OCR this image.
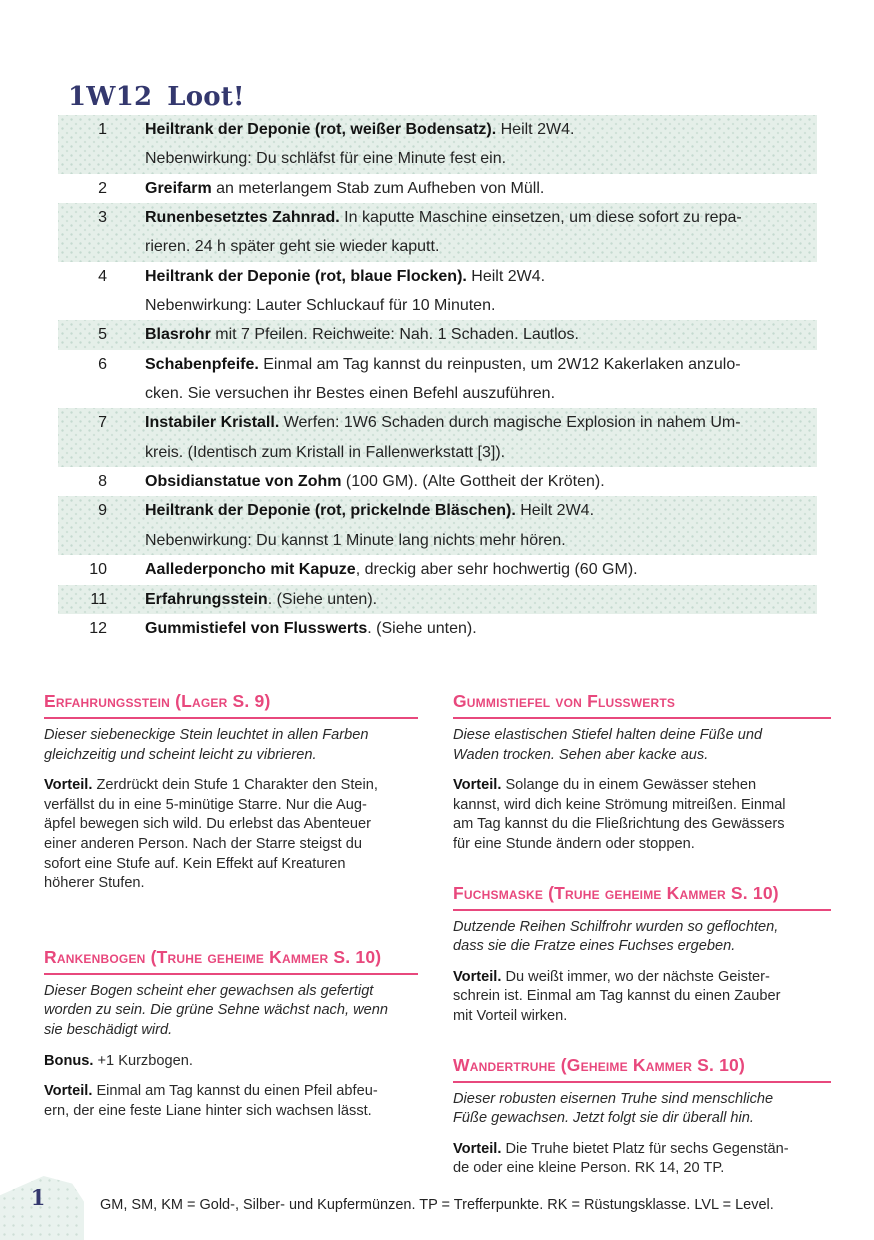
1W12 Loot!
1 Heiltrank der Deponie (rot, weißer Bodensatz). Heilt 2W4.
Nebenwirkung: Du schläfst für eine Minute fest ein.
2 Greifarm an meterlangem Stab zum Aufheben von Müll.
3 Runenbesetztes Zahnrad. In kaputte Maschine einsetzen, um diese sofort zu repa-
rieren. 24 h später geht sie wieder kaputt.
4 Heiltrank der Deponie (rot, blaue Flocken). Heilt 2W4.
Nebenwirkung: Lauter Schluckauf für 10 Minuten.
5 Blasrohr mit 7 Pfeilen. Reichweite: Nah. 1 Schaden. Lautlos.
6 Schabenpfeife. Einmal am Tag kannst du reinpusten, um 2W12 Kakerlaken anzulo-
cken. Sie versuchen ihr Bestes einen Befehl auszuführen.
7 Instabiler Kristall. Werfen: 1W6 Schaden durch magische Explosion in nahem Um-
kreis. (Identisch zum Kristall in Fallenwerkstatt [3]).
8 Obsidianstatue von Zohm (100 GM). (Alte Gottheit der Kröten).
9 Heiltrank der Deponie (rot, prickelnde Bläschen). Heilt 2W4.
Nebenwirkung: Du kannst 1 Minute lang nichts mehr hören.
10 Aallederponcho mit Kapuze, dreckig aber sehr hochwertig (60 GM).
11 Erfahrungsstein. (Siehe unten).
12 Gummistiefel von Flusswerts. (Siehe unten).
Erfahrungsstein (Lager S. 9)
Dieser siebeneckige Stein leuchtet in allen Farben
gleichzeitig und scheint leicht zu vibrieren.
Vorteil. Zerdrückt dein Stufe 1 Charakter den Stein,
verfällst du in eine 5-minütige Starre. Nur die Aug-
äpfel bewegen sich wild. Du erlebst das Abenteuer
einer anderen Person. Nach der Starre steigst du
sofort eine Stufe auf. Kein Effekt auf Kreaturen
höherer Stufen.
Rankenbogen (Truhe geheime Kammer S. 10)
Dieser Bogen scheint eher gewachsen als gefertigt
worden zu sein. Die grüne Sehne wächst nach, wenn
sie beschädigt wird.
Bonus. +1 Kurzbogen.
Vorteil. Einmal am Tag kannst du einen Pfeil abfeu-
ern, der eine feste Liane hinter sich wachsen lässt.
Gummistiefel von Flusswerts
Diese elastischen Stiefel halten deine Füße und
Waden trocken. Sehen aber kacke aus.
Vorteil. Solange du in einem Gewässer stehen
kannst, wird dich keine Strömung mitreißen. Einmal
am Tag kannst du die Fließrichtung des Gewässers
für eine Stunde ändern oder stoppen.
Fuchsmaske (Truhe geheime Kammer S. 10)
Dutzende Reihen Schilfrohr wurden so geflochten,
dass sie die Fratze eines Fuchses ergeben.
Vorteil. Du weißt immer, wo der nächste Geister-
schrein ist. Einmal am Tag kannst du einen Zauber
mit Vorteil wirken.
Wandertruhe (Geheime Kammer S. 10)
Dieser robusten eisernen Truhe sind menschliche
Füße gewachsen. Jetzt folgt sie dir überall hin.
Vorteil. Die Truhe bietet Platz für sechs Gegenstän-
de oder eine kleine Person. RK 14, 20 TP.
1	GM, SM, KM = Gold-, Silber- und Kupfermünzen. TP = Trefferpunkte. RK = Rüstungsklasse. LVL = Level.
